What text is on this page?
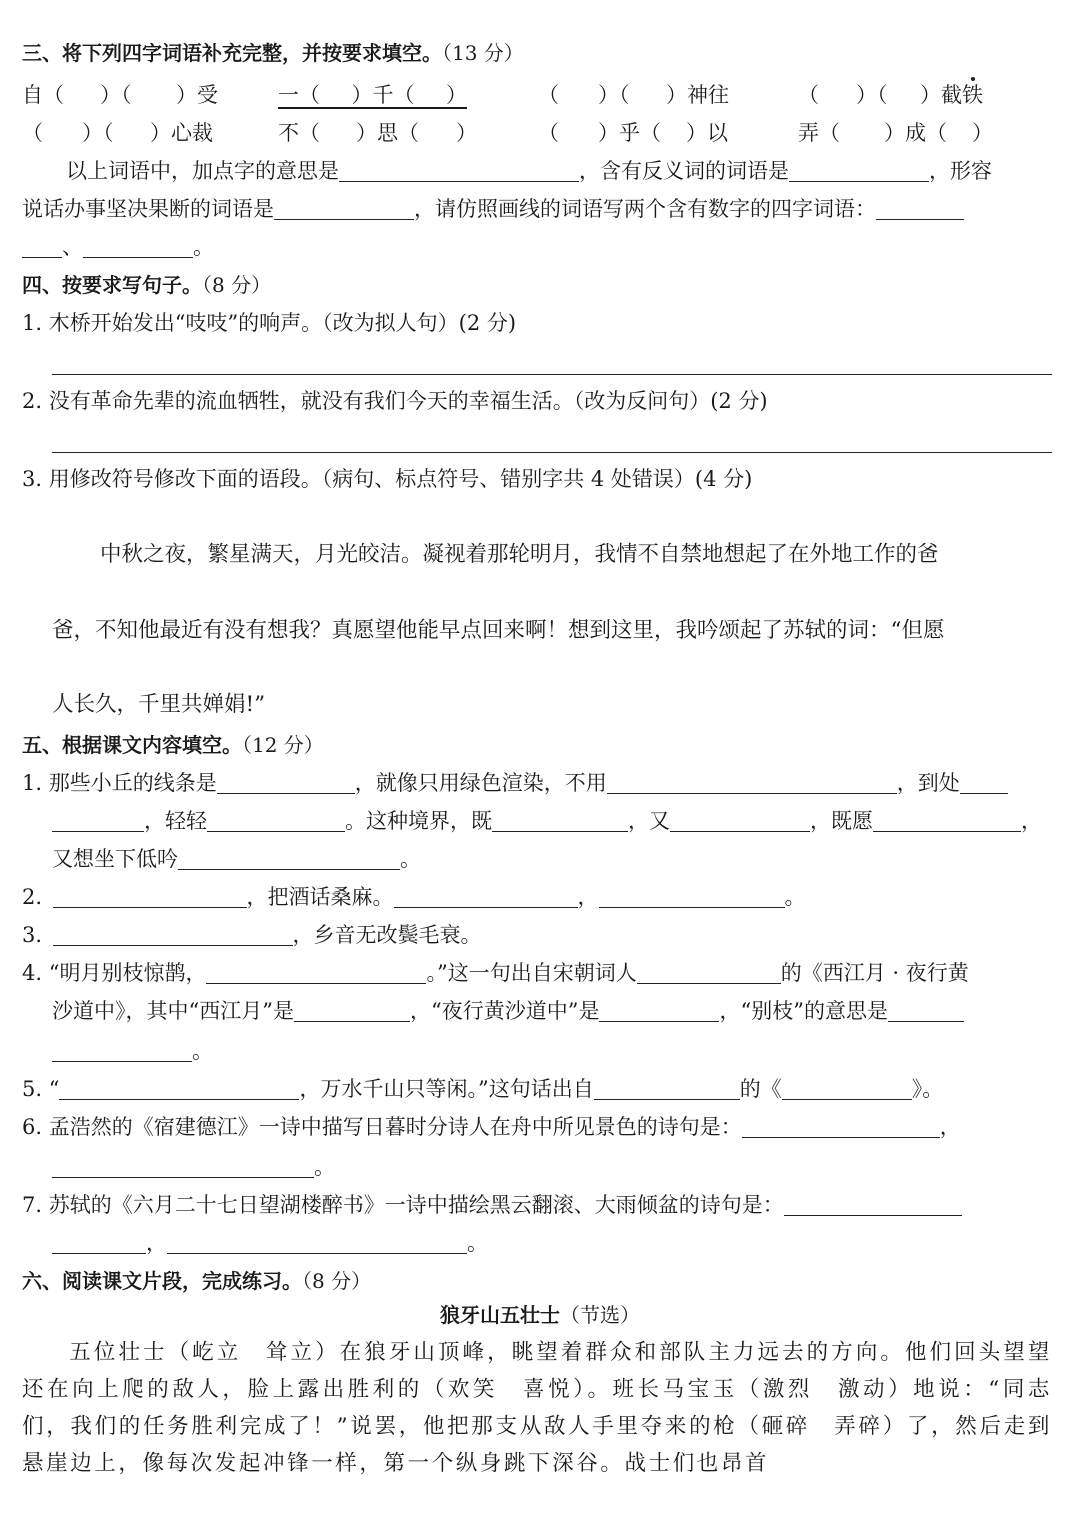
三、将下列四字词语补充完整，并按要求填空。（13 分）
自（ ）（ ）受	一（   ）千（   ）	（ ）（ ）神往	（ ）（ ）截铁
（ ）（ ）心裁	不（ ）思（ ）	（ ）乎（ ）以	弄（ ）成（ ）
以上词语中，加点字的意思是	，含有反义词的词语是	，形容
说话办事坚决果断的词语是	，请仿照画线的词语写两个含有数字的四字词语：
、	。
四、按要求写句子。（8 分）
1. 木桥开始发出“吱吱”的响声。（改为拟人句）(2 分)
2. 没有革命先辈的流血牺牲，就没有我们今天的幸福生活。（改为反问句）(2 分)
3. 用修改符号修改下面的语段。（病句、标点符号、错别字共 4 处错误）(4 分)
中秋之夜，繁星满天，月光皎洁。凝视着那轮明月，我情不自禁地想起了在外地工作的爸
爸，不知他最近有没有想我？真愿望他能早点回来啊！想到这里，我吟颂起了苏轼的词：“但愿
人长久，千里共婵娟!”
五、根据课文内容填空。（12 分）
1. 那些小丘的线条是	，就像只用绿色渲染，不用	，到处
，轻轻	。这种境界，既	，又	，既愿	，
又想坐下低吟	。
2. 	，把酒话桑麻。	，	。
3. 	，乡音无改鬓毛衰。
4. “明月别枝惊鹊，	。”这一句出自宋朝词人	的《西江月 · 夜行黄
沙道中》，其中“西江月”是	，“夜行黄沙道中”是	，“别枝”的意思是
。
5. “	，万水千山只等闲。”这句话出自	的《	》。
6. 孟浩然的《宿建德江》一诗中描写日暮时分诗人在舟中所见景色的诗句是：	，
。
7. 苏轼的《六月二十七日望湖楼醉书》一诗中描绘黑云翻滚、大雨倾盆的诗句是：
，	。
六、阅读课文片段，完成练习。（8 分）
狼牙山五壮士（节选）
五位壮士（屹立　耸立）在狼牙山顶峰，眺望着群众和部队主力远去的方向。他们回头望望还在向上爬的敌人，脸上露出胜利的（欢笑　喜悦）。班长马宝玉（激烈　激动）地说：“同志们，我们的任务胜利完成了！”说罢，他把那支从敌人手里夺来的枪（砸碎　弄碎）了，然后走到悬崖边上，像每次发起冲锋一样，第一个纵身跳下深谷。战士们也昂首
